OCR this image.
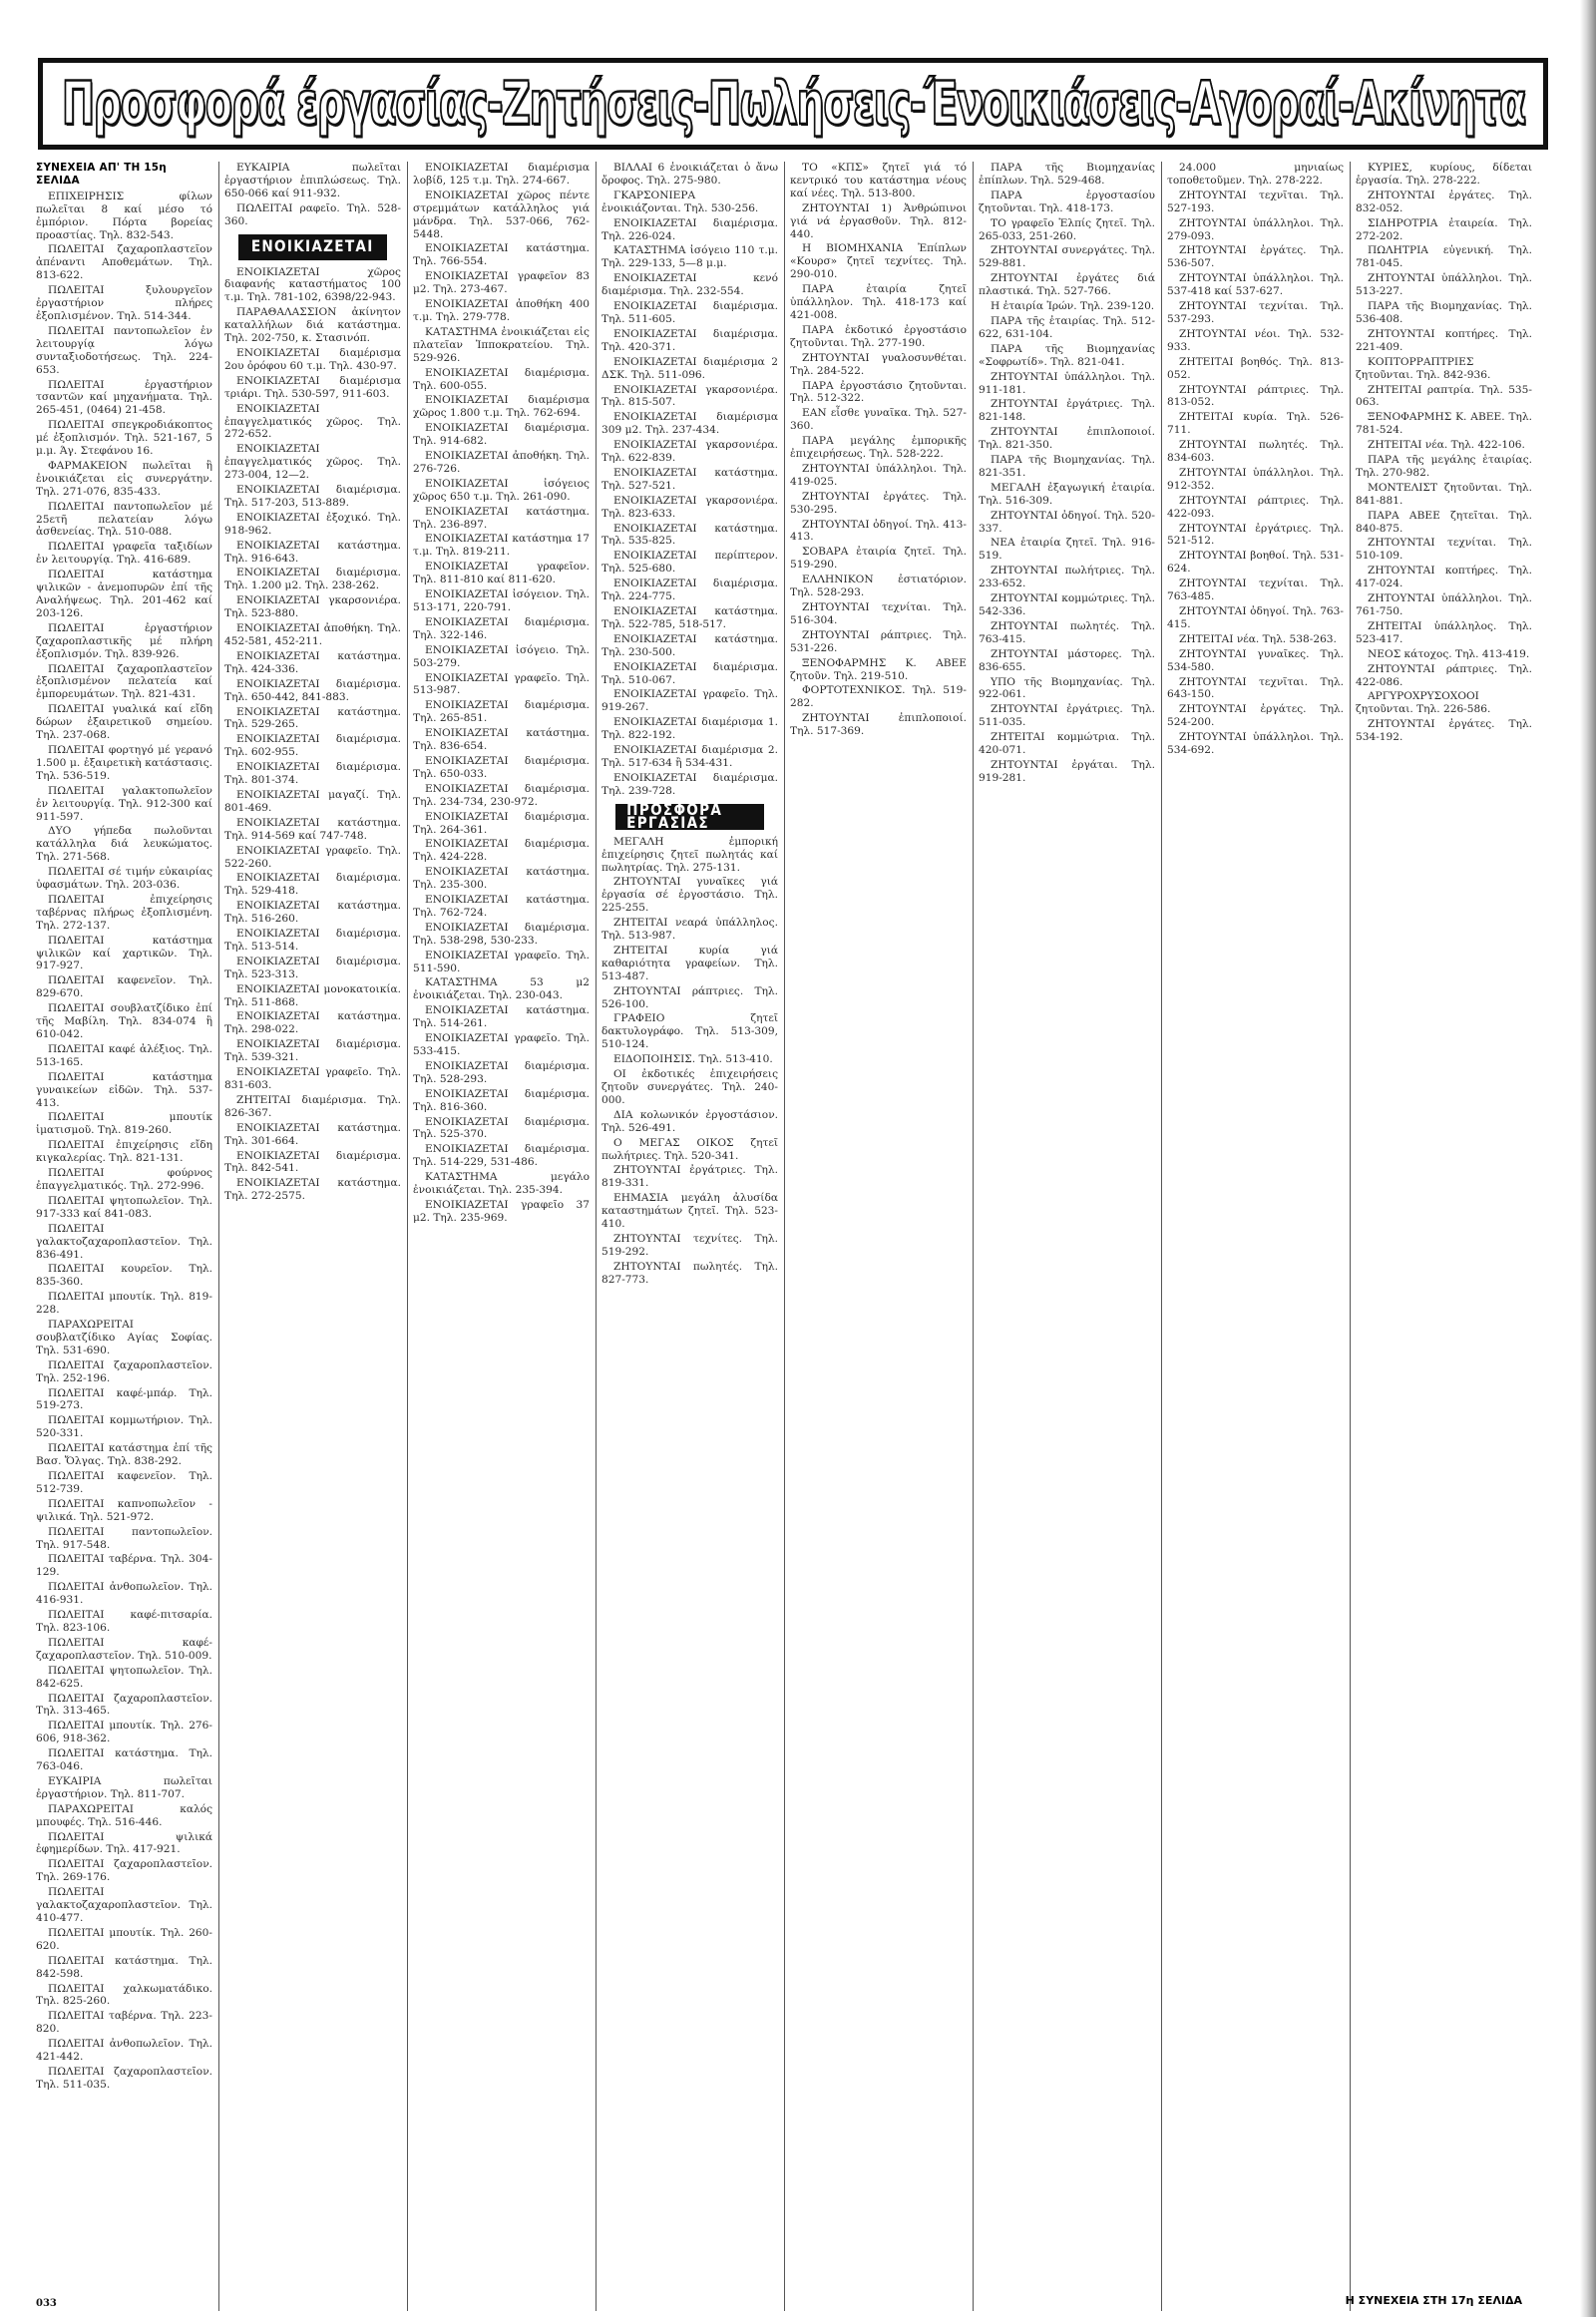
Προσφορά έργασίας-Ζητήσεις-Πωλήσεις-Ένοικιάσεις-Αγοραί-Ακίνητα
ΣΥΝΕΧΕΙΑ ΑΠ' ΤΗ 15η ΣΕΛΙΔΑ

ΕΠΙΧΕΙΡΗΣΙΣ φίλων πωλεῖται 8 καί μέσο τό ἐμπόριον. Πόρτα βορείας προαστίας. Τηλ. 832-543.

ΠΩΛΕΙΤΑΙ ζαχαροπλαστεῖον ἀπέναντι Αποθεμάτων. Τηλ. 813-622.

ΠΩΛΕΙΤΑΙ ξυλουργεῖον ἐργαστήριον πλήρες ἐξοπλισμένον. Τηλ. 514-344.

ΠΩΛΕΙΤΑΙ παντοπωλεῖον ἐν λειτουργίᾳ λόγω συνταξιοδοτήσεως. Τηλ. 224-653.

ΠΩΛΕΙΤΑΙ ἐργαστήριον τσαντῶν καί μηχανήματα. Τηλ. 265-451, (0464) 21-458.

ΠΩΛΕΙΤΑΙ σπεγκροδιάκοπτος μέ ἐξοπλισμόν. Τηλ. 521-167, 5 μ.μ. Άγ. Στεφάνου 16.

ΦΑΡΜΑΚΕΙΟΝ πωλεῖται ἢ ἐνοικιάζεται εἰς συνεργάτην. Τηλ. 271-076, 835-433.

ΠΩΛΕΙΤΑΙ παντοπωλεῖον μέ 25ετῆ πελατείαν λόγω ἀσθενείας. Τηλ. 510-088.

ΠΩΛΕΙΤΑΙ γραφεῖα ταξιδίων ἐν λειτουργίᾳ. Τηλ. 416-689.

ΠΩΛΕΙΤΑΙ κατάστημα ψιλικῶν - ἀνεμοπυρῶν ἐπί τῆς Αναλήψεως. Τηλ. 201-462 καί 203-126.

ΠΩΛΕΙΤΑΙ ἐργαστήριον ζαχαροπλαστικῆς μέ πλήρη ἐξοπλισμόν. Τηλ. 839-926.

ΠΩΛΕΙΤΑΙ ζαχαροπλαστεῖον ἐξοπλισμένον πελατεία καί ἐμπορευμάτων. Τηλ. 821-431.

ΠΩΛΕΙΤΑΙ γυαλικά καί εἴδη δώρων ἐξαιρετικοῦ σημείου. Τηλ. 237-068.

ΠΩΛΕΙΤΑΙ φορτηγό μέ γερανό 1.500 μ. ἐξαιρετικὴ κατάστασις. Τηλ. 536-519.

ΠΩΛΕΙΤΑΙ γαλακτοπωλεῖον ἐν λειτουργίᾳ. Τηλ. 912-300 καί 911-597.

ΔΥΟ γήπεδα πωλοῦνται κατάλληλα διά λευκώματος. Τηλ. 271-568.

ΠΩΛΕΙΤΑΙ σέ τιμήν εὐκαιρίας ὑφασμάτων. Τηλ. 203-036.

ΠΩΛΕΙΤΑΙ ἐπιχείρησις ταβέρνας πλήρως ἐξοπλισμένη. Τηλ. 272-137.

ΠΩΛΕΙΤΑΙ κατάστημα ψιλικῶν καί χαρτικῶν. Τηλ. 917-927.

ΠΩΛΕΙΤΑΙ καφενεῖον. Τηλ. 829-670.

ΠΩΛΕΙΤΑΙ σουβλατζίδικο ἐπί τῆς Μαβίλη. Τηλ. 834-074 ἢ 610-042.

ΠΩΛΕΙΤΑΙ καφέ ἀλέξιος. Τηλ. 513-165.

ΠΩΛΕΙΤΑΙ κατάστημα γυναικείων εἰδῶν. Τηλ. 537-413.

ΠΩΛΕΙΤΑΙ μπουτίκ ἱματισμοῦ. Τηλ. 819-260.

ΠΩΛΕΙΤΑΙ ἐπιχείρησις εἴδη κιγκαλερίας. Τηλ. 821-131.

ΠΩΛΕΙΤΑΙ φούρνος ἐπαγγελματικός. Τηλ. 272-996.

ΠΩΛΕΙΤΑΙ ψητοπωλεῖον. Τηλ. 917-333 καί 841-083.

ΠΩΛΕΙΤΑΙ γαλακτοζαχαροπλαστεῖον. Τηλ. 836-491.

ΠΩΛΕΙΤΑΙ κουρεῖον. Τηλ. 835-360.

ΠΩΛΕΙΤΑΙ μπουτίκ. Τηλ. 819-228.

ΠΑΡΑΧΩΡΕΙΤΑΙ σουβλατζίδικο Αγίας Σοφίας. Τηλ. 531-690.

ΠΩΛΕΙΤΑΙ ζαχαροπλαστεῖον. Τηλ. 252-196.

ΠΩΛΕΙΤΑΙ καφέ-μπάρ. Τηλ. 519-273.

ΠΩΛΕΙΤΑΙ κομμωτήριον. Τηλ. 520-331.

ΠΩΛΕΙΤΑΙ κατάστημα ἐπί τῆς Βασ. Ὄλγας. Τηλ. 838-292.

ΠΩΛΕΙΤΑΙ καφενεῖον. Τηλ. 512-739.

ΠΩΛΕΙΤΑΙ καπνοπωλεῖον - ψιλικά. Τηλ. 521-972.

ΠΩΛΕΙΤΑΙ παντοπωλεῖον. Τηλ. 917-548.

ΠΩΛΕΙΤΑΙ ταβέρνα. Τηλ. 304-129.

ΠΩΛΕΙΤΑΙ ἀνθοπωλεῖον. Τηλ. 416-931.

ΠΩΛΕΙΤΑΙ καφέ-πιτσαρία. Τηλ. 823-106.

ΠΩΛΕΙΤΑΙ καφέ-ζαχαροπλαστεῖον. Τηλ. 510-009.

ΠΩΛΕΙΤΑΙ ψητοπωλεῖον. Τηλ. 842-625.

ΠΩΛΕΙΤΑΙ ζαχαροπλαστεῖον. Τηλ. 313-465.

ΠΩΛΕΙΤΑΙ μπουτίκ. Τηλ. 276-606, 918-362.

ΠΩΛΕΙΤΑΙ κατάστημα. Τηλ. 763-046.

ΕΥΚΑΙΡΙΑ πωλεῖται ἐργαστήριον. Τηλ. 811-707.

ΠΑΡΑΧΩΡΕΙΤΑΙ καλός μπουφές. Τηλ. 516-446.

ΠΩΛΕΙΤΑΙ ψιλικά ἐφημερίδων. Τηλ. 417-921.

ΠΩΛΕΙΤΑΙ ζαχαροπλαστεῖον. Τηλ. 269-176.

ΠΩΛΕΙΤΑΙ γαλακτοζαχαροπλαστεῖον. Τηλ. 410-477.

ΠΩΛΕΙΤΑΙ μπουτίκ. Τηλ. 260-620.

ΠΩΛΕΙΤΑΙ κατάστημα. Τηλ. 842-598.

ΠΩΛΕΙΤΑΙ χαλκωματάδικο. Τηλ. 825-260.

ΠΩΛΕΙΤΑΙ ταβέρνα. Τηλ. 223-820.

ΠΩΛΕΙΤΑΙ ἀνθοπωλεῖον. Τηλ. 421-442.

ΠΩΛΕΙΤΑΙ ζαχαροπλαστεῖον. Τηλ. 511-035.

ΕΥΚΑΙΡΙΑ πωλεῖται ἐργαστήριον ἐπιπλώσεως. Τηλ. 650-066 καί 911-932.

ΠΩΛΕΙΤΑΙ ραφεῖο. Τηλ. 528-360.

ΕΝΟΙΚΙΑΖΕΤΑΙ

ΕΝΟΙΚΙΑΖΕΤΑΙ χῶρος διαφανής καταστήματος 100 τ.μ. Τηλ. 781-102, 6398/22-943.

ΠΑΡΑΘΑΛΑΣΣΙΟΝ ἀκίνητον καταλλήλων διά κατάστημα. Τηλ. 202-750, κ. Στασινόπ.

ΕΝΟΙΚΙΑΖΕΤΑΙ διαμέρισμα 2ου ὀρόφου 60 τ.μ. Τηλ. 430-97.

ΕΝΟΙΚΙΑΖΕΤΑΙ διαμέρισμα τριάρι. Τηλ. 530-597, 911-603.

ΕΝΟΙΚΙΑΖΕΤΑΙ ἐπαγγελματικός χῶρος. Τηλ. 272-652.

ΕΝΟΙΚΙΑΖΕΤΑΙ ἐπαγγελματικός χῶρος. Τηλ. 273-004, 12—2.

ΕΝΟΙΚΙΑΖΕΤΑΙ διαμέρισμα. Τηλ. 517-203, 513-889.

ΕΝΟΙΚΙΑΖΕΤΑΙ ἐξοχικό. Τηλ. 918-962.

ΕΝΟΙΚΙΑΖΕΤΑΙ κατάστημα. Τηλ. 916-643.

ΕΝΟΙΚΙΑΖΕΤΑΙ διαμέρισμα. Τηλ. 1.200 μ2. Τηλ. 238-262.

ΕΝΟΙΚΙΑΖΕΤΑΙ γκαρσονιέρα. Τηλ. 523-880.

ΕΝΟΙΚΙΑΖΕΤΑΙ ἀποθήκη. Τηλ. 452-581, 452-211.

ΕΝΟΙΚΙΑΖΕΤΑΙ κατάστημα. Τηλ. 424-336.

ΕΝΟΙΚΙΑΖΕΤΑΙ διαμέρισμα. Τηλ. 650-442, 841-883.

ΕΝΟΙΚΙΑΖΕΤΑΙ κατάστημα. Τηλ. 529-265.

ΕΝΟΙΚΙΑΖΕΤΑΙ διαμέρισμα. Τηλ. 602-955.

ΕΝΟΙΚΙΑΖΕΤΑΙ διαμέρισμα. Τηλ. 801-374.

ΕΝΟΙΚΙΑΖΕΤΑΙ μαγαζί. Τηλ. 801-469.

ΕΝΟΙΚΙΑΖΕΤΑΙ κατάστημα. Τηλ. 914-569 καί 747-748.

ΕΝΟΙΚΙΑΖΕΤΑΙ γραφεῖο. Τηλ. 522-260.

ΕΝΟΙΚΙΑΖΕΤΑΙ διαμέρισμα. Τηλ. 529-418.

ΕΝΟΙΚΙΑΖΕΤΑΙ κατάστημα. Τηλ. 516-260.

ΕΝΟΙΚΙΑΖΕΤΑΙ διαμέρισμα. Τηλ. 513-514.

ΕΝΟΙΚΙΑΖΕΤΑΙ διαμέρισμα. Τηλ. 523-313.

ΕΝΟΙΚΙΑΖΕΤΑΙ μονοκατοικία. Τηλ. 511-868.

ΕΝΟΙΚΙΑΖΕΤΑΙ κατάστημα. Τηλ. 298-022.

ΕΝΟΙΚΙΑΖΕΤΑΙ διαμέρισμα. Τηλ. 539-321.

ΕΝΟΙΚΙΑΖΕΤΑΙ γραφεῖο. Τηλ. 831-603.

ΖΗΤΕΙΤΑΙ διαμέρισμα. Τηλ. 826-367.

ΕΝΟΙΚΙΑΖΕΤΑΙ κατάστημα. Τηλ. 301-664.

ΕΝΟΙΚΙΑΖΕΤΑΙ διαμέρισμα. Τηλ. 842-541.

ΕΝΟΙΚΙΑΖΕΤΑΙ κατάστημα. Τηλ. 272-2575.

ΕΝΟΙΚΙΑΖΕΤΑΙ διαμέρισμα λοβίδ, 125 τ.μ. Τηλ. 274-667.

ΕΝΟΙΚΙΑΖΕΤΑΙ χῶρος πέντε στρεμμάτων κατάλληλος γιά μάνδρα. Τηλ. 537-066, 762-5448.

ΕΝΟΙΚΙΑΖΕΤΑΙ κατάστημα. Τηλ. 766-554.

ΕΝΟΙΚΙΑΖΕΤΑΙ γραφεῖον 83 μ2. Τηλ. 273-467.

ΕΝΟΙΚΙΑΖΕΤΑΙ ἀποθήκη 400 τ.μ. Τηλ. 279-778.

ΚΑΤΑΣΤΗΜΑ ἐνοικιάζεται εἰς πλατεῖαν Ἱπποκρατείου. Τηλ. 529-926.

ΕΝΟΙΚΙΑΖΕΤΑΙ διαμέρισμα. Τηλ. 600-055.

ΕΝΟΙΚΙΑΖΕΤΑΙ διαμέρισμα χῶρος 1.800 τ.μ. Τηλ. 762-694.

ΕΝΟΙΚΙΑΖΕΤΑΙ διαμέρισμα. Τηλ. 914-682.

ΕΝΟΙΚΙΑΖΕΤΑΙ ἀποθήκη. Τηλ. 276-726.

ΕΝΟΙΚΙΑΖΕΤΑΙ ἰσόγειος χῶρος 650 τ.μ. Τηλ. 261-090.

ΕΝΟΙΚΙΑΖΕΤΑΙ κατάστημα. Τηλ. 236-897.

ΕΝΟΙΚΙΑΖΕΤΑΙ κατάστημα 17 τ.μ. Τηλ. 819-211.

ΕΝΟΙΚΙΑΖΕΤΑΙ γραφεῖον. Τηλ. 811-810 καί 811-620.

ΕΝΟΙΚΙΑΖΕΤΑΙ ἰσόγειον. Τηλ. 513-171, 220-791.

ΕΝΟΙΚΙΑΖΕΤΑΙ διαμέρισμα. Τηλ. 322-146.

ΕΝΟΙΚΙΑΖΕΤΑΙ ἰσόγειο. Τηλ. 503-279.

ΕΝΟΙΚΙΑΖΕΤΑΙ γραφεῖο. Τηλ. 513-987.

ΕΝΟΙΚΙΑΖΕΤΑΙ διαμέρισμα. Τηλ. 265-851.

ΕΝΟΙΚΙΑΖΕΤΑΙ κατάστημα. Τηλ. 836-654.

ΕΝΟΙΚΙΑΖΕΤΑΙ διαμέρισμα. Τηλ. 650-033.

ΕΝΟΙΚΙΑΖΕΤΑΙ διαμέρισμα. Τηλ. 234-734, 230-972.

ΕΝΟΙΚΙΑΖΕΤΑΙ διαμέρισμα. Τηλ. 264-361.

ΕΝΟΙΚΙΑΖΕΤΑΙ διαμέρισμα. Τηλ. 424-228.

ΕΝΟΙΚΙΑΖΕΤΑΙ κατάστημα. Τηλ. 235-300.

ΕΝΟΙΚΙΑΖΕΤΑΙ κατάστημα. Τηλ. 762-724.

ΕΝΟΙΚΙΑΖΕΤΑΙ διαμέρισμα. Τηλ. 538-298, 530-233.

ΕΝΟΙΚΙΑΖΕΤΑΙ γραφεῖο. Τηλ. 511-590.

ΚΑΤΑΣΤΗΜΑ 53 μ2 ἐνοικιάζεται. Τηλ. 230-043.

ΕΝΟΙΚΙΑΖΕΤΑΙ κατάστημα. Τηλ. 514-261.

ΕΝΟΙΚΙΑΖΕΤΑΙ γραφεῖο. Τηλ. 533-415.

ΕΝΟΙΚΙΑΖΕΤΑΙ διαμέρισμα. Τηλ. 528-293.

ΕΝΟΙΚΙΑΖΕΤΑΙ διαμέρισμα. Τηλ. 816-360.

ΕΝΟΙΚΙΑΖΕΤΑΙ διαμέρισμα. Τηλ. 525-370.

ΕΝΟΙΚΙΑΖΕΤΑΙ διαμέρισμα. Τηλ. 514-229, 531-486.

ΚΑΤΑΣΤΗΜΑ μεγάλο ἐνοικιάζεται. Τηλ. 235-394.

ΕΝΟΙΚΙΑΖΕΤΑΙ γραφεῖο 37 μ2. Τηλ. 235-969.

ΒΙΛΛΑΙ 6 ἐνοικιάζεται ὁ ἄνω ὄροφος. Τηλ. 275-980.

ΓΚΑΡΣΟΝΙΕΡΑ ἐνοικιάζονται. Τηλ. 530-256.

ΕΝΟΙΚΙΑΖΕΤΑΙ διαμέρισμα. Τηλ. 226-024.

ΚΑΤΑΣΤΗΜΑ ἰσόγειο 110 τ.μ. Τηλ. 229-133, 5—8 μ.μ.

ΕΝΟΙΚΙΑΖΕΤΑΙ κενό διαμέρισμα. Τηλ. 232-554.

ΕΝΟΙΚΙΑΖΕΤΑΙ διαμέρισμα. Τηλ. 511-605.

ΕΝΟΙΚΙΑΖΕΤΑΙ διαμέρισμα. Τηλ. 420-371.

ΕΝΟΙΚΙΑΖΕΤΑΙ διαμέρισμα 2 ΔΣΚ. Τηλ. 511-096.

ΕΝΟΙΚΙΑΖΕΤΑΙ γκαρσονιέρα. Τηλ. 815-507.

ΕΝΟΙΚΙΑΖΕΤΑΙ διαμέρισμα 309 μ2. Τηλ. 237-434.

ΕΝΟΙΚΙΑΖΕΤΑΙ γκαρσονιέρα. Τηλ. 622-839.

ΕΝΟΙΚΙΑΖΕΤΑΙ κατάστημα. Τηλ. 527-521.

ΕΝΟΙΚΙΑΖΕΤΑΙ γκαρσονιέρα. Τηλ. 823-633.

ΕΝΟΙΚΙΑΖΕΤΑΙ κατάστημα. Τηλ. 535-825.

ΕΝΟΙΚΙΑΖΕΤΑΙ περίπτερον. Τηλ. 525-680.

ΕΝΟΙΚΙΑΖΕΤΑΙ διαμέρισμα. Τηλ. 224-775.

ΕΝΟΙΚΙΑΖΕΤΑΙ κατάστημα. Τηλ. 522-785, 518-517.

ΕΝΟΙΚΙΑΖΕΤΑΙ κατάστημα. Τηλ. 230-500.

ΕΝΟΙΚΙΑΖΕΤΑΙ διαμέρισμα. Τηλ. 510-067.

ΕΝΟΙΚΙΑΖΕΤΑΙ γραφεῖο. Τηλ. 919-267.

ΕΝΟΙΚΙΑΖΕΤΑΙ διαμέρισμα 1. Τηλ. 822-192.

ΕΝΟΙΚΙΑΖΕΤΑΙ διαμέρισμα 2. Τηλ. 517-634 ἢ 534-431.

ΕΝΟΙΚΙΑΖΕΤΑΙ διαμέρισμα. Τηλ. 239-728.

ΠΡΟΣΦΟΡΑ ΕΡΓΑΣΙΑΣ

ΜΕΓΑΛΗ ἐμπορική ἐπιχείρησις ζητεῖ πωλητάς καί πωλητρίας. Τηλ. 275-131.

ΖΗΤΟΥΝΤΑΙ γυναῖκες γιά ἐργασία σέ ἐργοστάσιο. Τηλ. 225-255.

ΖΗΤΕΙΤΑΙ νεαρά ὑπάλληλος. Τηλ. 513-987.

ΖΗΤΕΙΤΑΙ κυρία γιά καθαριότητα γραφείων. Τηλ. 513-487.

ΖΗΤΟΥΝΤΑΙ ράπτριες. Τηλ. 526-100.

ΓΡΑΦΕΙΟ ζητεῖ δακτυλογράφο. Τηλ. 513-309, 510-124.

ΕΙΔΟΠΟΙΗΣΙΣ. Τηλ. 513-410.

ΟΙ ἐκδοτικές ἐπιχειρήσεις ζητοῦν συνεργάτες. Τηλ. 240-000.

ΔΙΑ κολωνικόν ἐργοστάσιον. Τηλ. 526-491.

Ο ΜΕΓΑΣ ΟΙΚΟΣ ζητεῖ πωλήτριες. Τηλ. 520-341.

ΖΗΤΟΥΝΤΑΙ ἐργάτριες. Τηλ. 819-331.

ΕΗΜΑΣΙΑ μεγάλη ἀλυσίδα καταστημάτων ζητεῖ. Τηλ. 523-410.

ΖΗΤΟΥΝΤΑΙ τεχνίτες. Τηλ. 519-292.

ΖΗΤΟΥΝΤΑΙ πωλητές. Τηλ. 827-773.

ΤΟ «ΚΠΣ» ζητεῖ γιά τό κεντρικό του κατάστημα νέους καί νέες. Τηλ. 513-800.

ΖΗΤΟΥΝΤΑΙ 1) Ἀνθρώπινοι γιά νά ἐργασθοῦν. Τηλ. 812-440.

Η ΒΙΟΜΗΧΑΝΙΑ Ἐπίπλων «Κουρσ» ζητεῖ τεχνίτες. Τηλ. 290-010.

ΠΑΡΑ ἐταιρία ζητεῖ ὑπάλληλον. Τηλ. 418-173 καί 421-008.

ΠΑΡΑ ἐκδοτικό ἐργοστάσιο ζητοῦνται. Τηλ. 277-190.

ΖΗΤΟΥΝΤΑΙ γυαλοσυνθέται. Τηλ. 284-522.

ΠΑΡΑ ἐργοστάσιο ζητοῦνται. Τηλ. 512-322.

ΕΑΝ εἶσθε γυναῖκα. Τηλ. 527-360.

ΠΑΡΑ μεγάλης ἐμπορικῆς ἐπιχειρήσεως. Τηλ. 528-222.

ΖΗΤΟΥΝΤΑΙ ὑπάλληλοι. Τηλ. 419-025.

ΖΗΤΟΥΝΤΑΙ ἐργάτες. Τηλ. 530-295.

ΖΗΤΟΥΝΤΑΙ ὀδηγοί. Τηλ. 413-413.

ΣΟΒΑΡΑ ἐταιρία ζητεῖ. Τηλ. 519-290.

ΕΛΛΗΝΙΚΟΝ ἐστιατόριον. Τηλ. 528-293.

ΖΗΤΟΥΝΤΑΙ τεχνίται. Τηλ. 516-304.

ΖΗΤΟΥΝΤΑΙ ράπτριες. Τηλ. 531-226.

ΞΕΝΟΦΑΡΜΗΣ Κ. ΑΒΕΕ ζητοῦν. Τηλ. 219-510.

ΦΟΡΤΟΤΕΧΝΙΚΟΣ. Τηλ. 519-282.

ΖΗΤΟΥΝΤΑΙ ἐπιπλοποιοί. Τηλ. 517-369.

ΠΑΡΑ τῆς Βιομηχανίας ἐπίπλων. Τηλ. 529-468.

ΠΑΡΑ ἐργοστασίου ζητοῦνται. Τηλ. 418-173.

ΤΟ γραφεῖο Ἐλπίς ζητεῖ. Τηλ. 265-033, 251-260.

ΖΗΤΟΥΝΤΑΙ συνεργάτες. Τηλ. 529-881.

ΖΗΤΟΥΝΤΑΙ ἐργάτες διά πλαστικά. Τηλ. 527-766.

Η ἐταιρία Ἰρών. Τηλ. 239-120.

ΠΑΡΑ τῆς ἐταιρίας. Τηλ. 512-622, 631-104.

ΠΑΡΑ τῆς Βιομηχανίας «Σοφρωτίδ». Τηλ. 821-041.

ΖΗΤΟΥΝΤΑΙ ὑπάλληλοι. Τηλ. 911-181.

ΖΗΤΟΥΝΤΑΙ ἐργάτριες. Τηλ. 821-148.

ΖΗΤΟΥΝΤΑΙ ἐπιπλοποιοί. Τηλ. 821-350.

ΠΑΡΑ τῆς Βιομηχανίας. Τηλ. 821-351.

ΜΕΓΑΛΗ ἐξαγωγική ἐταιρία. Τηλ. 516-309.

ΖΗΤΟΥΝΤΑΙ ὀδηγοί. Τηλ. 520-337.

ΝΕΑ ἐταιρία ζητεῖ. Τηλ. 916-519.

ΖΗΤΟΥΝΤΑΙ πωλήτριες. Τηλ. 233-652.

ΖΗΤΟΥΝΤΑΙ κομμώτριες. Τηλ. 542-336.

ΖΗΤΟΥΝΤΑΙ πωλητές. Τηλ. 763-415.

ΖΗΤΟΥΝΤΑΙ μάστορες. Τηλ. 836-655.

ΥΠΟ τῆς Βιομηχανίας. Τηλ. 922-061.

ΖΗΤΟΥΝΤΑΙ ἐργάτριες. Τηλ. 511-035.

ΖΗΤΕΙΤΑΙ κομμώτρια. Τηλ. 420-071.

ΖΗΤΟΥΝΤΑΙ ἐργάται. Τηλ. 919-281.

24.000 μηνιαίως τοποθετοῦμεν. Τηλ. 278-222.

ΖΗΤΟΥΝΤΑΙ τεχνῖται. Τηλ. 527-193.

ΖΗΤΟΥΝΤΑΙ ὑπάλληλοι. Τηλ. 279-093.

ΖΗΤΟΥΝΤΑΙ ἐργάτες. Τηλ. 536-507.

ΖΗΤΟΥΝΤΑΙ ὑπάλληλοι. Τηλ. 537-418 καί 537-627.

ΖΗΤΟΥΝΤΑΙ τεχνίται. Τηλ. 537-293.

ΖΗΤΟΥΝΤΑΙ νέοι. Τηλ. 532-933.

ΖΗΤΕΙΤΑΙ βοηθός. Τηλ. 813-052.

ΖΗΤΟΥΝΤΑΙ ράπτριες. Τηλ. 813-052.

ΖΗΤΕΙΤΑΙ κυρία. Τηλ. 526-711.

ΖΗΤΟΥΝΤΑΙ πωλητές. Τηλ. 834-603.

ΖΗΤΟΥΝΤΑΙ ὑπάλληλοι. Τηλ. 912-352.

ΖΗΤΟΥΝΤΑΙ ράπτριες. Τηλ. 422-093.

ΖΗΤΟΥΝΤΑΙ ἐργάτριες. Τηλ. 521-512.

ΖΗΤΟΥΝΤΑΙ βοηθοί. Τηλ. 531-624.

ΖΗΤΟΥΝΤΑΙ τεχνίται. Τηλ. 763-485.

ΖΗΤΟΥΝΤΑΙ ὀδηγοί. Τηλ. 763-415.

ΖΗΤΕΙΤΑΙ νέα. Τηλ. 538-263.

ΖΗΤΟΥΝΤΑΙ γυναῖκες. Τηλ. 534-580.

ΖΗΤΟΥΝΤΑΙ τεχνῖται. Τηλ. 643-150.

ΖΗΤΟΥΝΤΑΙ ἐργάτες. Τηλ. 524-200.

ΖΗΤΟΥΝΤΑΙ ὑπάλληλοι. Τηλ. 534-692.

ΚΥΡΙΕΣ, κυρίους, δίδεται ἐργασία. Τηλ. 278-222.

ΖΗΤΟΥΝΤΑΙ ἐργάτες. Τηλ. 832-052.

ΣΙΔΗΡΟΤΡΙΑ ἐταιρεία. Τηλ. 272-202.

ΠΩΛΗΤΡΙΑ εὐγενική. Τηλ. 781-045.

ΖΗΤΟΥΝΤΑΙ ὑπάλληλοι. Τηλ. 513-227.

ΠΑΡΑ τῆς Βιομηχανίας. Τηλ. 536-408.

ΖΗΤΟΥΝΤΑΙ κοπτήρες. Τηλ. 221-409.

ΚΟΠΤΟΡΡΑΠΤΡΙΕΣ ζητοῦνται. Τηλ. 842-936.

ΖΗΤΕΙΤΑΙ ραπτρία. Τηλ. 535-063.

ΞΕΝΟΦΑΡΜΗΣ Κ. ΑΒΕΕ. Τηλ. 781-524.

ΖΗΤΕΙΤΑΙ νέα. Τηλ. 422-106.

ΠΑΡΑ τῆς μεγάλης ἑταιρίας. Τηλ. 270-982.

ΜΟΝΤΕΛΙΣΤ ζητοῦνται. Τηλ. 841-881.

ΠΑΡΑ ΑΒΕΕ ζητεῖται. Τηλ. 840-875.

ΖΗΤΟΥΝΤΑΙ τεχνίται. Τηλ. 510-109.

ΖΗΤΟΥΝΤΑΙ κοπτήρες. Τηλ. 417-024.

ΖΗΤΟΥΝΤΑΙ ὑπάλληλοι. Τηλ. 761-750.

ΖΗΤΕΙΤΑΙ ὑπάλληλος. Τηλ. 523-417.

ΝΕΟΣ κάτοχος. Τηλ. 413-419.

ΖΗΤΟΥΝΤΑΙ ράπτριες. Τηλ. 422-086.

ΑΡΓΥΡΟΧΡΥΣΟΧΟΟΙ ζητοῦνται. Τηλ. 226-586.

ΖΗΤΟΥΝΤΑΙ ἐργάτες. Τηλ. 534-192.

Η ΣΥΝΕΧΕΙΑ ΣΤΗ 17η ΣΕΛΙΔΑ
033
